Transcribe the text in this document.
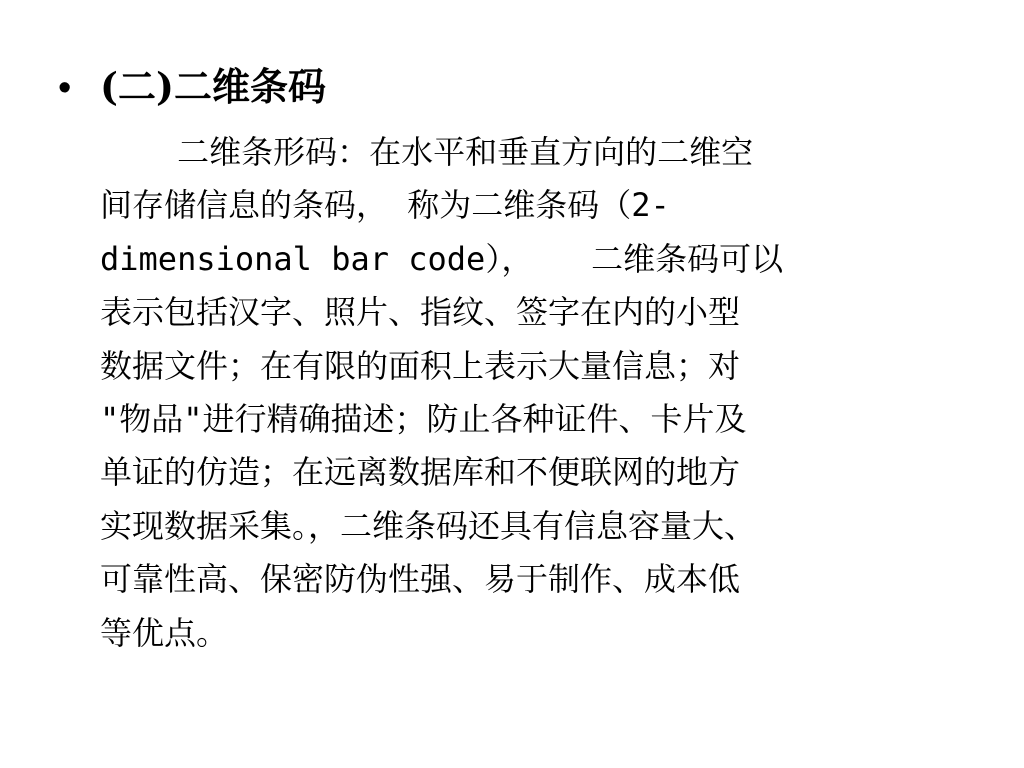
• (二)二维条码
二维条形码：在水平和垂直方向的二维空
间存储信息的条码， 称为二维条码（2-
dimensional bar code），   二维条码可以
表示包括汉字、照片、指纹、签字在内的小型
数据文件；在有限的面积上表示大量信息；对
"物品"进行精确描述；防止各种证件、卡片及
单证的仿造；在远离数据库和不便联网的地方
实现数据采集。，二维条码还具有信息容量大、
可靠性高、保密防伪性强、易于制作、成本低
等优点。
